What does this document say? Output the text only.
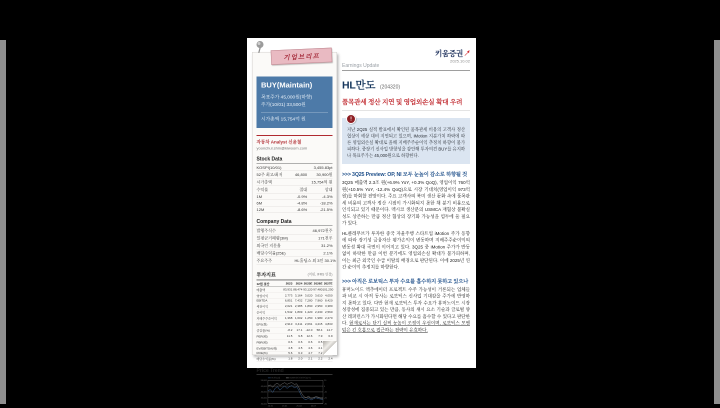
BUY(Maintain)
목표주가 45,000원(하향)
주가(10/01) 33,500원
시가총액 15,754억 원
자동차 Analyst 신윤철
yoonchul.shin@kiwoom.com
Stock Data
KOSPI(10/01)		3,455.83pt
52주 최고/최저	46,800	30,900원
시가총액		15,754억 원
수익률	절대	상대
1M	-0.9%	-4.3%
6M	-4.8%	-18.2%
12M	-8.6%	-21.5%
Company Data
발행주식수	46,972천주
일평균거래량(3M)	171천주
외국인 지분율	31.2%
배당수익률(25E)	2.1%
주요주주	HL홀딩스 외 3인 30.1%
투자지표	(억원, IFRS 연결)
12월 결산	2023	2024	2025E	2026E	2027E
매출액	83,931	88,474	93,120	97,480	101,250
영업이익	2,773	3,164	3,020	3,610	4,050
EBITDA	6,851	7,432	7,280	7,960	8,420
세전이익	2,021	2,385	1,890	2,950	3,380
순이익	1,542	1,809	1,420	2,230	2,560
지배주주순이익	1,368	1,602	1,250	1,980	2,270
EPS(원)	2,913	3,411	2,661	4,215	4,833
증감률(%)	-8.2	17.1	-22.0	58.4	14.7
PER(배)	11.5	9.8	12.6	7.9	6.9
PBR(배)	0.6	0.6	0.6	0.5	
EV/EBITDA(배)	4.8	4.5	4.6	4.1	
ROE(%)	5.6	6.3	4.7	7.2	
배당수익률(%)	1.8	2.0	2.1	2.2	2.4
Price Trend
50,000
45,000
40,000
35,000
30,000
10
0
-10
-20
-30
24.10 25.01 25.04 25.07
HL만도(좌) KOSPI대비 상대수익률(우)
기업브리프	키움증권
2025.10.02
Earnings Update
HL만도 (204320)
품목관세 정산 지연 및 영업외손실 확대 우려
!

지난 2Q25 실적 발표에서 확인된 품목관세 비용의 고객사 정산 협상이 예상 대비 지연되고 있으며, iMotion 지분가치 하락에 따른 영업외손실 확대로 올해 지배주주순이익 추정치 하향이 불가피하다. 중장기 신사업 방향성을 감안해 투자의견 BUY를 유지하나 목표주가는 45,000원으로 하향한다.

>>> 3Q25 Preview: OP, NI 모두 눈높이 감소로 하향될 것

3Q25 매출액 2.3조 원(+6.9% YoY, +0.3% QoQ), 영업이익 760억 원(+10.5% YoY, -12.4% QoQ)으로 시장 기대치(영업이익 973억 원)를 하회할 전망이다. 주요 고객사의 북미 생산 둔화 속에 품목관세 비용의 고객사 정산 시점이 가시화되지 못한 채 분기 비용으로 인식되고 있기 때문이다. 멕시코 생산분의 USMCA 재협상 불확실성도 상존하는 만큼 정산 협상의 장기화 가능성을 염두에 둘 필요가 있다.

HL클레무브가 투자한 중국 자율주행 스타트업 iMotion 주가 동향에 따라 장기성 금융자산 평가손익이 변동하며 지배주주순이익의 변동성 확대 국면이 이어지고 있다. 3Q25 중 iMotion 주가가 반등 없이 하락한 만큼 이번 분기에도 영업외손실 확대가 불가피하며, 이는 최근 외국인 수급 이탈의 배경으로 판단된다. 이에 2025년 연간 순이익 추정치를 하향한다.

>>> 아직은 로보틱스 투자 수요를 흡수하지 못하고 있으나

휴머노이드 액추에이터 프로젝트 수주 가능성이 거론되는 업체들과 비교 시 아직 동사는 로보틱스 신사업 기대감을 주가에 반영하지 못하고 있다. 다만 현재 로보틱스 투자 수요가 휴머노이드 시장 성장성에 집중되고 있는 만큼, 동사의 섀시 요소 기술과 글로벌 양산 레퍼런스가 가시화된다면 해당 수요를 흡수할 수 있다고 판단한다. 현재로서는 단기 실적 눈높이 조정이 우선이며, 로보틱스 모멘텀은 긴 호흡으로 접근하는 전략이 유효하다.
